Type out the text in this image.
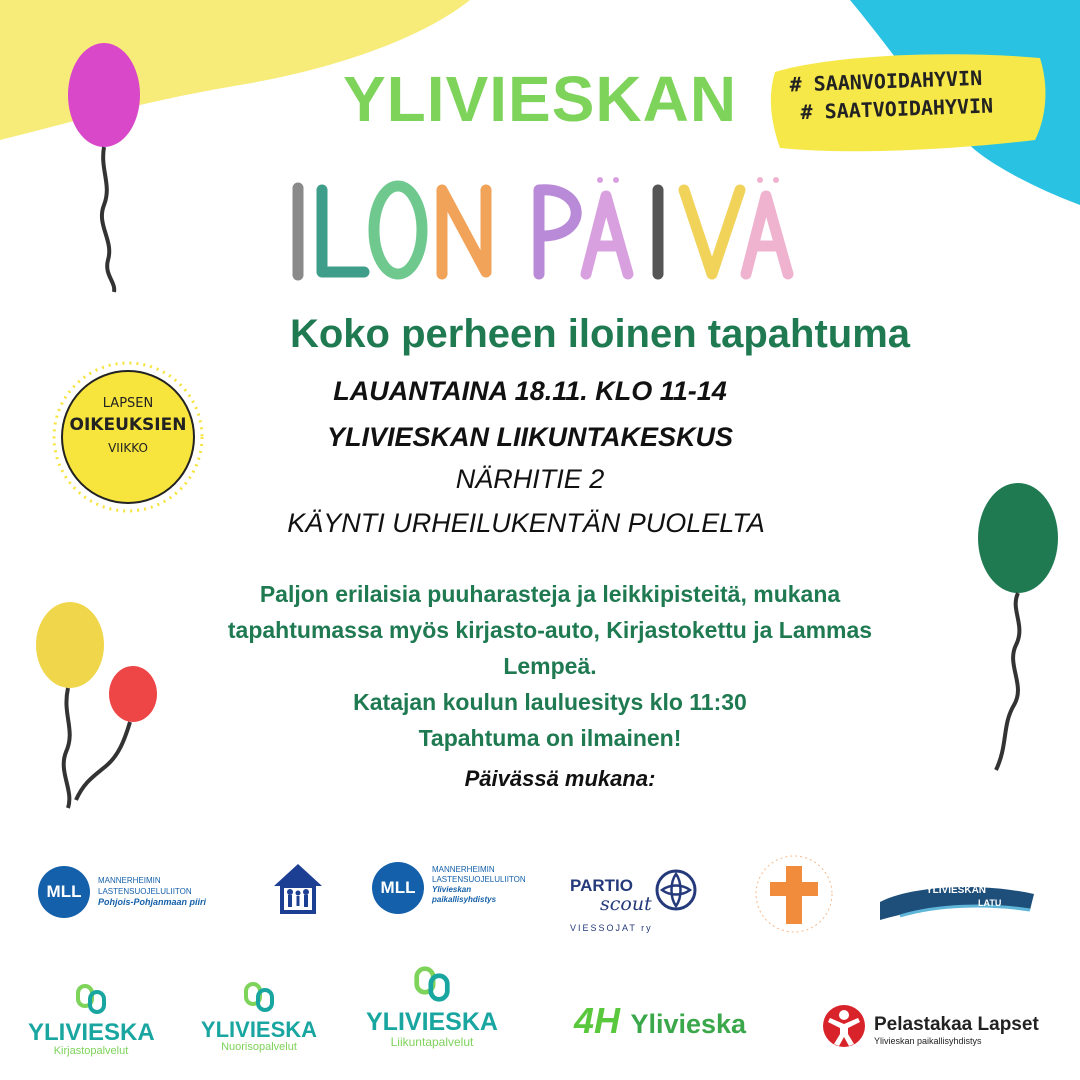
YLIVIESKAN	# SAANVOIDAHYVIN
# SAATVOIDAHYVIN
LAPSEN
OIKEUKSIEN
VIIKKO
Koko perheen iloinen tapahtuma
LAUANTAINA 18.11. KLO 11-14
YLIVIESKAN LIIKUNTAKESKUS
NÄRHITIE 2
KÄYNTI URHEILUKENTÄN PUOLELTA
Paljon erilaisia puuharasteja ja leikkipisteitä, mukana
tapahtumassa myös kirjasto-auto, Kirjastokettu ja Lammas
Lempeä.
Katajan koulun lauluesitys klo 11:30
Tapahtuma on ilmainen!
Päivässä mukana:
MLL
MANNERHEIMIN
LASTENSUOJELULIITON
Pohjois-Pohjanmaan piiri
MLL
MANNERHEIMIN
LASTENSUOJELULIITON
Ylivieskan
paikallisyhdistys
PARTIO
scout
VIESSOJAT ry
YLIVIESKAN
LATU
YLIVIESKA
Kirjastopalvelut
YLIVIESKA
Nuorisopalvelut
YLIVIESKA
Liikuntapalvelut
4H Ylivieska	Pelastakaa Lapset
Ylivieskan paikallisyhdistys
